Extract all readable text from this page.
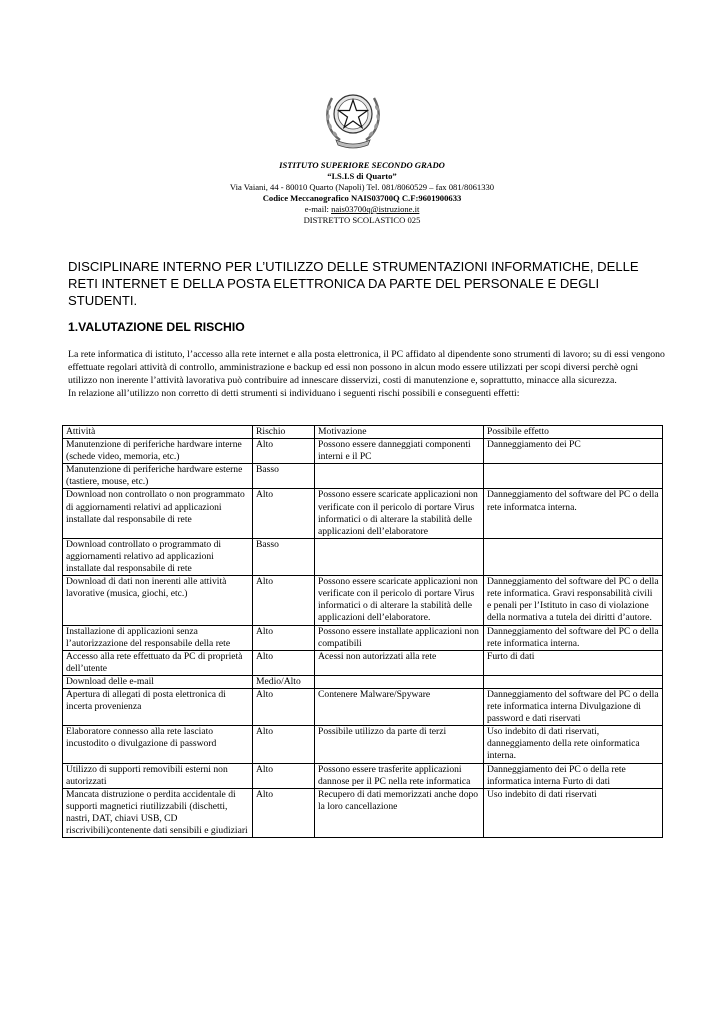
ISTITUTO SUPERIORE SECONDO GRADO
“I.S.I.S di Quarto”
Via Vaiani, 44 - 80010 Quarto (Napoli) Tel. 081/8060529 – fax 081/8061330
Codice Meccanografico NAIS03700Q C.F:9601900633
e-mail: nais03700q@istruzione.it
DISTRETTO SCOLASTICO 025
DISCIPLINARE INTERNO PER L’UTILIZZO DELLE STRUMENTAZIONI INFORMATICHE, DELLE RETI INTERNET E DELLA POSTA ELETTRONICA DA PARTE DEL PERSONALE E DEGLI STUDENTI.
1.VALUTAZIONE DEL RISCHIO
La rete informatica di istituto, l’accesso alla rete internet e alla posta elettronica, il PC affidato al dipendente sono strumenti di lavoro; su di essi vengono effettuate regolari attività di controllo, amministrazione e backup ed essi non possono in alcun modo essere utilizzati per scopi diversi perchè ogni utilizzo non inerente l’attività lavorativa può contribuire ad innescare disservizi, costi di manutenzione e, soprattutto, minacce alla sicurezza.
In relazione all’utilizzo non corretto di detti strumenti si individuano i seguenti rischi possibili e conseguenti effetti:
Attività	Rischio	Motivazione	Possibile effetto
Manutenzione di periferiche hardware interne (schede video, memoria, etc.)	Alto	Possono essere danneggiati componenti interni e il PC	Danneggiamento dei PC
Manutenzione di periferiche hardware esterne (tastiere, mouse, etc.)	Basso		
Download non controllato o non programmato di aggiornamenti relativi ad applicazioni installate dal responsabile di rete	Alto	Possono essere scaricate applicazioni non verificate con il pericolo di portare Virus informatici o di alterare la stabilità delle applicazioni dell’elaboratore	Danneggiamento del software del PC o della rete informatca interna.
Download controllato o programmato di aggiornamenti relativo ad applicazioni installate dal responsabile di rete	Basso		
Download di dati non inerenti alle attività lavorative (musica, giochi, etc.)	Alto	Possono essere scaricate applicazioni non verificate con il pericolo di portare Virus informatici o di alterare la stabilità delle applicazioni dell’elaboratore.	Danneggiamento del software del PC o della rete informatica. Gravi responsabilità civili e penali per l’Istituto in caso di violazione della normativa a tutela dei diritti d’autore.
Installazione di applicazioni senza l’autorizzazione del responsabile della rete	Alto	Possono essere installate applicazioni non compatibili	Danneggiamento del software del PC o della rete informatica interna.
Accesso alla rete effettuato da PC di proprietà dell’utente	Alto	Acessi non autorizzati alla rete	Furto di dati
Download delle e-mail	Medio/Alto		
Apertura di allegati di posta elettronica di incerta provenienza	Alto	Contenere Malware/Spyware	Danneggiamento del software del PC o della rete informatica interna Divulgazione di password e dati riservati
Elaboratore connesso alla rete lasciato incustodito o divulgazione di password	Alto	Possibile utilizzo da parte di terzi	Uso indebito di dati riservati, danneggiamento della rete oinformatica interna.
Utilizzo di supporti removibili esterni non autorizzati	Alto	Possono essere trasferite applicazioni dannose per il PC nella rete informatica	Danneggiamento dei PC o della rete informatica interna Furto di dati
Mancata distruzione o perdita accidentale di supporti magnetici riutilizzabili (dischetti, nastri, DAT, chiavi USB, CD riscrivibili)contenente dati sensibili e giudiziari	Alto	Recupero di dati memorizzati anche dopo la loro cancellazione	Uso indebito di dati riservati
